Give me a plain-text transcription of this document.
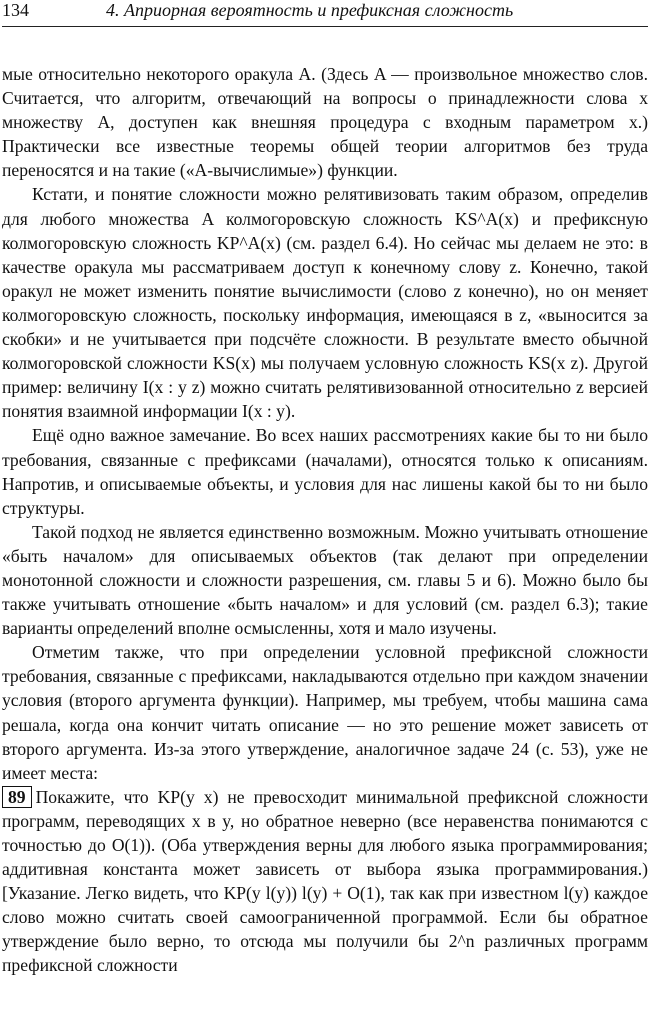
134	4. Априорная вероятность и префиксная сложность

мые относительно некоторого оракула A. (Здесь A — произвольное множество слов. Считается, что алгоритм, отвечающий на вопросы о принадлежности слова x множеству A, доступен как внешняя процедура с входным параметром x.) Практически все известные теоремы общей теории алгоритмов без труда переносятся и на такие («A-вычислимые») функции.

Кстати, и понятие сложности можно релятивизовать таким образом, определив для любого множества A колмогоровскую сложность KS^A(x) и префиксную колмогоровскую сложность KP^A(x) (см. раздел 6.4). Но сейчас мы делаем не это: в качестве оракула мы рассматриваем доступ к конечному слову z. Конечно, такой оракул не может изменить понятие вычислимости (слово z конечно), но он меняет колмогоровскую сложность, поскольку информация, имеющаяся в z, «выносится за скобки» и не учитывается при подсчёте сложности. В результате вместо обычной колмогоровской сложности KS(x) мы получаем условную сложность KS(x z). Другой пример: величину I(x : y z) можно считать релятивизованной относительно z версией понятия взаимной информации I(x : y).

Ещё одно важное замечание. Во всех наших рассмотрениях какие бы то ни было требования, связанные с префиксами (началами), относятся только к описаниям. Напротив, и описываемые объекты, и условия для нас лишены какой бы то ни было структуры.

Такой подход не является единственно возможным. Можно учитывать отношение «быть началом» для описываемых объектов (так делают при определении монотонной сложности и сложности разрешения, см. главы 5 и 6). Можно было бы также учитывать отношение «быть началом» и для условий (см. раздел 6.3); такие варианты определений вполне осмысленны, хотя и мало изучены.

Отметим также, что при определении условной префиксной сложности требования, связанные с префиксами, накладываются отдельно при каждом значении условия (второго аргумента функции). Например, мы требуем, чтобы машина сама решала, когда она кончит читать описание — но это решение может зависеть от второго аргумента. Из-за этого утверждение, аналогичное задаче 24 (с. 53), уже не имеет места:

89 Покажите, что KP(y x) не превосходит минимальной префиксной сложности программ, переводящих x в y, но обратное неверно (все неравенства понимаются с точностью до O(1)). (Оба утверждения верны для любого языка программирования; аддитивная константа может зависеть от выбора языка программирования.) [Указание. Легко видеть, что KP(y l(y)) l(y) + O(1), так как при известном l(y) каждое слово можно считать своей самоограниченной программой. Если бы обратное утверждение было верно, то отсюда мы получили бы 2^n различных программ префиксной сложности
